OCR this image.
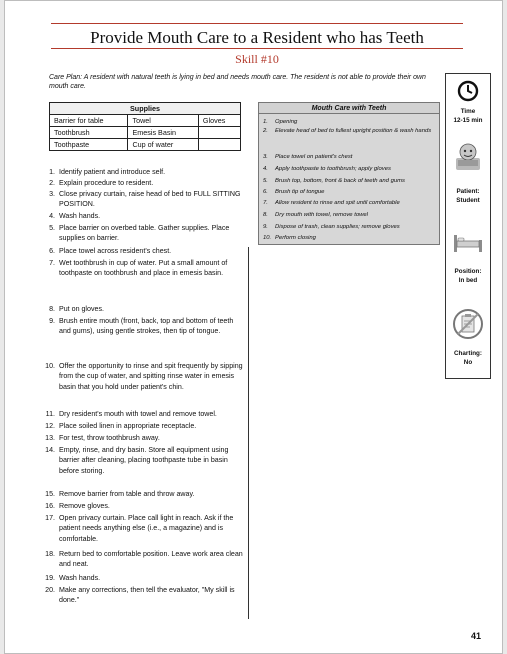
Provide Mouth Care to a Resident who has Teeth
Skill #10
Care Plan: A resident with natural teeth is lying in bed and needs mouth care. The resident is not able to provide their own mouth care.
Supplies		
Barrier for table	Towel	Gloves
Toothbrush	Emesis Basin	
Toothpaste	Cup of water	
Mouth Care with Teeth
1. Opening
2. Elevate head of bed to fullest upright position & wash hands
3. Place towel on patient's chest
4. Apply toothpaste to toothbrush; apply gloves
5. Brush top, bottom, front & back of teeth and gums
6. Brush tip of tongue
7. Allow resident to rinse and spit until comfortable
8. Dry mouth with towel, remove towel
9. Dispose of trash, clean supplies; remove gloves
10. Perform closing
1. Identify patient and introduce self.
2. Explain procedure to resident.
3. Close privacy curtain, raise head of bed to FULL SITTING POSITION.
4. Wash hands.
5. Place barrier on overbed table. Gather supplies. Place supplies on barrier.
6. Place towel across resident's chest.
7. Wet toothbrush in cup of water. Put a small amount of toothpaste on toothbrush and place in emesis basin.
8. Put on gloves.
9. Brush entire mouth (front, back, top and bottom of teeth and gums), using gentle strokes, then tip of tongue.
10. Offer the opportunity to rinse and spit frequently by sipping from the cup of water, and spitting rinse water in emesis basin that you hold under patient's chin.
11. Dry resident's mouth with towel and remove towel.
12. Place soiled linen in appropriate receptacle.
13. For test, throw toothbrush away.
14. Empty, rinse, and dry basin. Store all equipment using barrier after cleaning, placing toothpaste tube in basin before storing.
15. Remove barrier from table and throw away.
16. Remove gloves.
17. Open privacy curtain. Place call light in reach. Ask if the patient needs anything else (i.e., a magazine) and is comfortable.
18. Return bed to comfortable position. Leave work area clean and neat.
19. Wash hands.
20. Make any corrections, then tell the evaluator, "My skill is done."
Time
12-15 min
Patient:
Student
Position:
In bed
Charting:
No
41
